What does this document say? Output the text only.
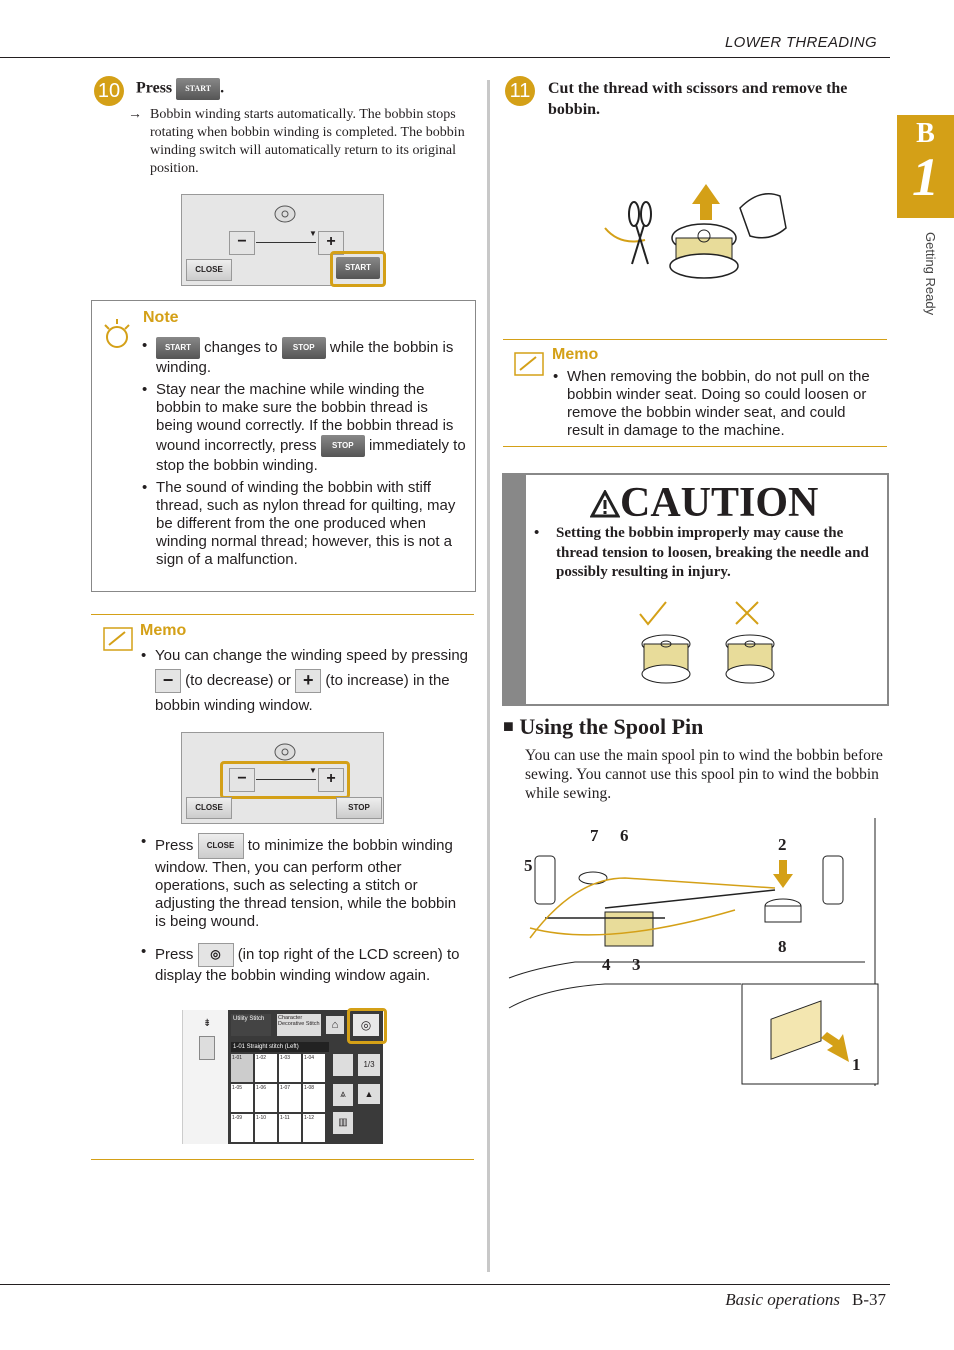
LOWER THREADING
B
1
Getting Ready
10 Press START .
→ Bobbin winding starts automatically. The bobbin stops rotating when bobbin winding is completed. The bobbin winding switch will automatically return to its original position.
−	▼ +
CLOSE	START
Note
• START changes to STOP while the bobbin is winding.
• Stay near the machine while winding the bobbin to make sure the bobbin thread is being wound correctly. If the bobbin thread is wound incorrectly, press STOP immediately to stop the bobbin winding.
• The sound of winding the bobbin with stiff thread, such as nylon thread for quilting, may be different from the one produced when winding normal thread; however, this is not a sign of a malfunction.
Memo
• You can change the winding speed by pressing − (to decrease) or + (to increase) in the bobbin winding window.
−	▼ +
CLOSE	STOP
• Press CLOSE to minimize the bobbin winding window. Then, you can perform other operations, such as selecting a stitch or adjusting the thread tension, while the bobbin is being wound.
• Press ◎ (in top right of the LCD screen) to display the bobbin winding window again.
⇟	Utility Stitch	Character Decorative Stitch	⌂	◎
1-01 Straight stitch (Left)
1-01	1-02	1-03	1-04
1-05	1-06	1-07	1-08
1-09	1-10	1-11	1-12
1/3
▲
⩓
▥
11 Cut the thread with scissors and remove the bobbin.
Memo
• When removing the bobbin, do not pull on the bobbin winder seat. Doing so could loosen or remove the bobbin winder seat, and could result in damage to the machine.
CAUTION
• Setting the bobbin improperly may cause the thread tension to loosen, breaking the needle and possibly resulting in injury.
■ Using the Spool Pin
You can use the main spool pin to wind the bobbin before sewing. You cannot use this spool pin to wind the bobbin while sewing.
7 6
5
2
8
4 3
1
Basic operations B-37
